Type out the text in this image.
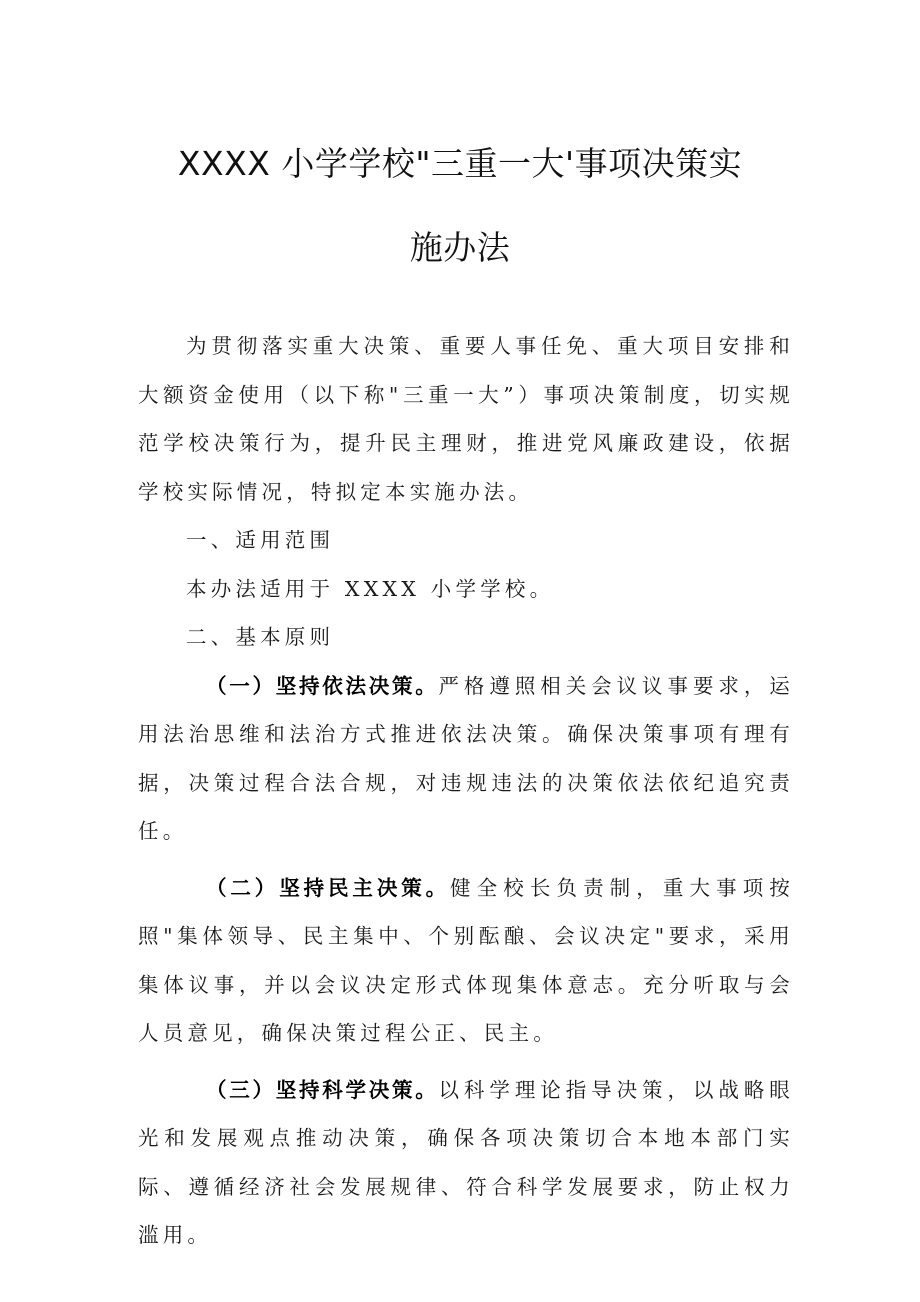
XXXX 小学学校"三重一大'事项决策实
施办法

为贯彻落实重大决策、重要人事任免、重大项目安排和大额资金使用（以下称"三重一大”）事项决策制度，切实规范学校决策行为，提升民主理财，推进党风廉政建设，依据学校实际情况，特拟定本实施办法。

一、适用范围

本办法适用于 XXXX 小学学校。

二、基本原则

（一）坚持依法决策。严格遵照相关会议议事要求，运用法治思维和法治方式推进依法决策。确保决策事项有理有据，决策过程合法合规，对违规违法的决策依法依纪追究责任。

（二）坚持民主决策。健全校长负责制，重大事项按照"集体领导、民主集中、个别酝酿、会议决定"要求，采用集体议事，并以会议决定形式体现集体意志。充分听取与会人员意见，确保决策过程公正、民主。

（三）坚持科学决策。以科学理论指导决策，以战略眼光和发展观点推动决策，确保各项决策切合本地本部门实际、遵循经济社会发展规律、符合科学发展要求，防止权力滥用。
